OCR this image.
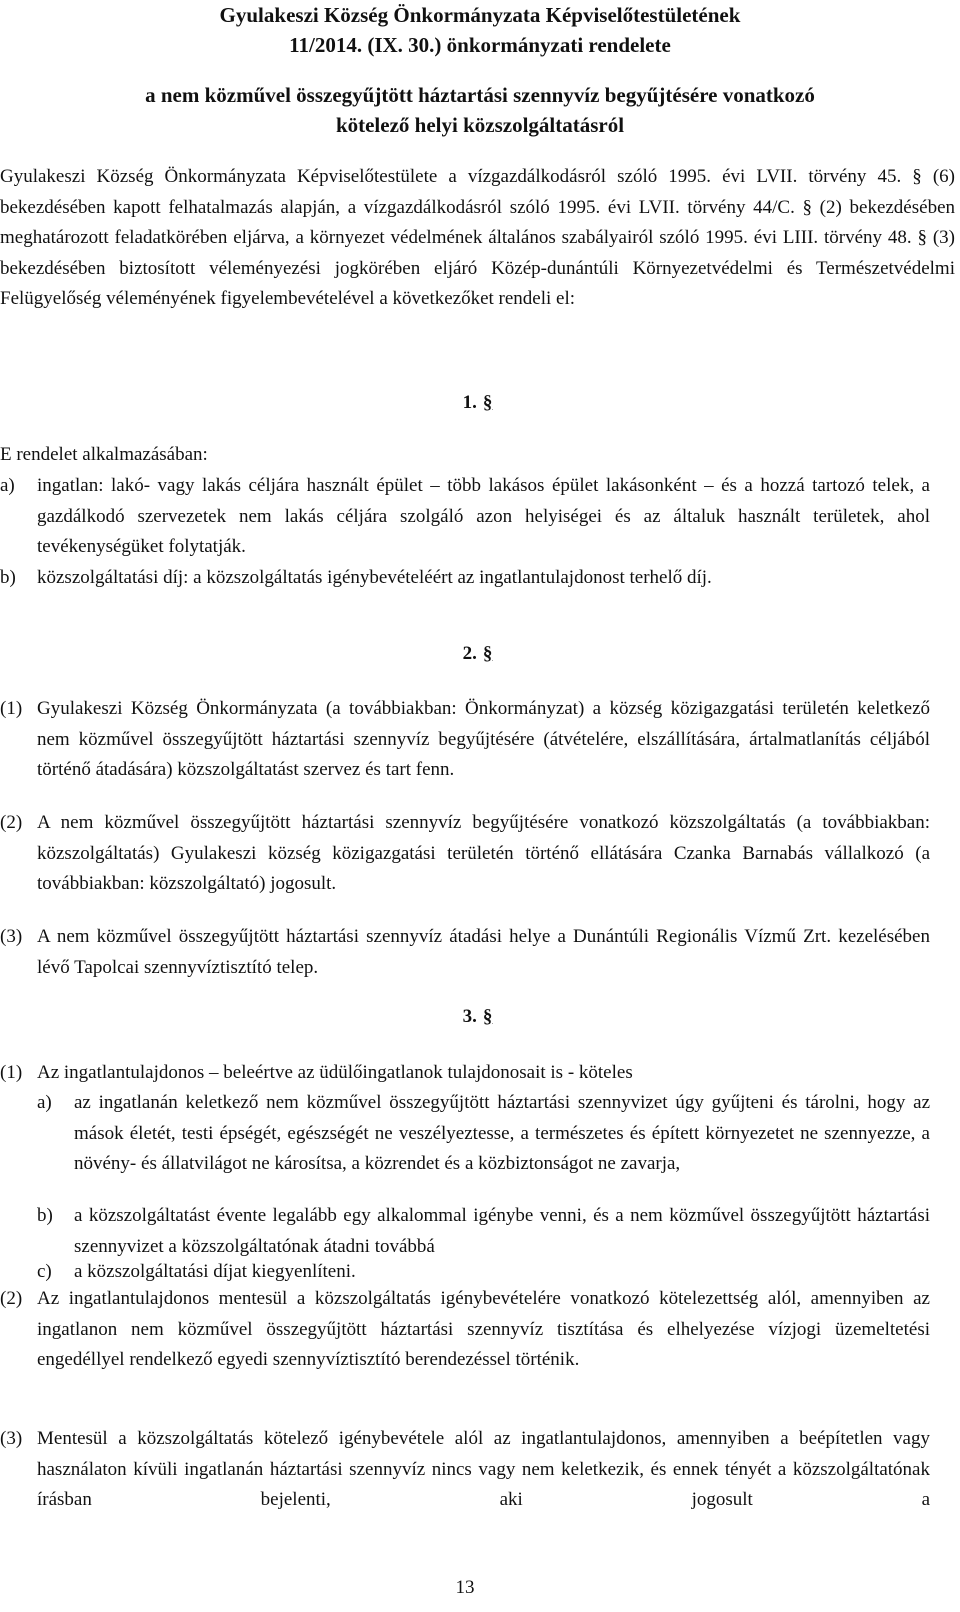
Gyulakeszi Község Önkormányzata Képviselőtestületének
11/2014. (IX. 30.) önkormányzati rendelete
a nem közművel összegyűjtött háztartási szennyvíz begyűjtésére vonatkozó
kötelező helyi közszolgáltatásról
Gyulakeszi Község Önkormányzata Képviselőtestülete a vízgazdálkodásról szóló 1995. évi LVII. törvény 45. § (6) bekezdésében kapott felhatalmazás alapján, a vízgazdálkodásról szóló 1995. évi LVII. törvény 44/C. § (2) bekezdésében meghatározott feladatkörében eljárva, a környezet védelmének általános szabályairól szóló 1995. évi LIII. törvény 48. § (3) bekezdésében biztosított véleményezési jogkörében eljáró Közép-dunántúli Környezetvédelmi és Természetvédelmi Felügyelőség véleményének figyelembevételével a következőket rendeli el:
1. §
E rendelet alkalmazásában:
a) ingatlan: lakó- vagy lakás céljára használt épület – több lakásos épület lakásonként – és a hozzá tartozó telek, a gazdálkodó szervezetek nem lakás céljára szolgáló azon helyiségei és az általuk használt területek, ahol tevékenységüket folytatják.
b) közszolgáltatási díj: a közszolgáltatás igénybevételéért az ingatlantulajdonost terhelő díj.
2. §
(1) Gyulakeszi Község Önkormányzata (a továbbiakban: Önkormányzat) a község közigazgatási területén keletkező nem közművel összegyűjtött háztartási szennyvíz begyűjtésére (átvételére, elszállítására, ártalmatlanítás céljából történő átadására) közszolgáltatást szervez és tart fenn.
(2) A nem közművel összegyűjtött háztartási szennyvíz begyűjtésére vonatkozó közszolgáltatás (a továbbiakban: közszolgáltatás) Gyulakeszi község közigazgatási területén történő ellátására Czanka Barnabás vállalkozó (a továbbiakban: közszolgáltató) jogosult.
(3) A nem közművel összegyűjtött háztartási szennyvíz átadási helye a Dunántúli Regionális Vízmű Zrt. kezelésében lévő Tapolcai szennyvíztisztító telep.
3. §
(1) Az ingatlantulajdonos – beleértve az üdülőingatlanok tulajdonosait is - köteles
a) az ingatlanán keletkező nem közművel összegyűjtött háztartási szennyvizet úgy gyűjteni és tárolni, hogy az mások életét, testi épségét, egészségét ne veszélyeztesse, a természetes és épített környezetet ne szennyezze, a növény- és állatvilágot ne károsítsa, a közrendet és a közbiztonságot ne zavarja,
b) a közszolgáltatást évente legalább egy alkalommal igénybe venni, és a nem közművel összegyűjtött háztartási szennyvizet a közszolgáltatónak átadni továbbá
c) a közszolgáltatási díjat kiegyenlíteni.
(2) Az ingatlantulajdonos mentesül a közszolgáltatás igénybevételére vonatkozó kötelezettség alól, amennyiben az ingatlanon nem közművel összegyűjtött háztartási szennyvíz tisztítása és elhelyezése vízjogi üzemeltetési engedéllyel rendelkező egyedi szennyvíztisztító berendezéssel történik.
(3) Mentesül a közszolgáltatás kötelező igénybevétele alól az ingatlantulajdonos, amennyiben a beépítetlen vagy használaton kívüli ingatlanán háztartási szennyvíz nincs vagy nem keletkezik, és ennek tényét a közszolgáltatónak írásban bejelenti, aki jogosult a
13
